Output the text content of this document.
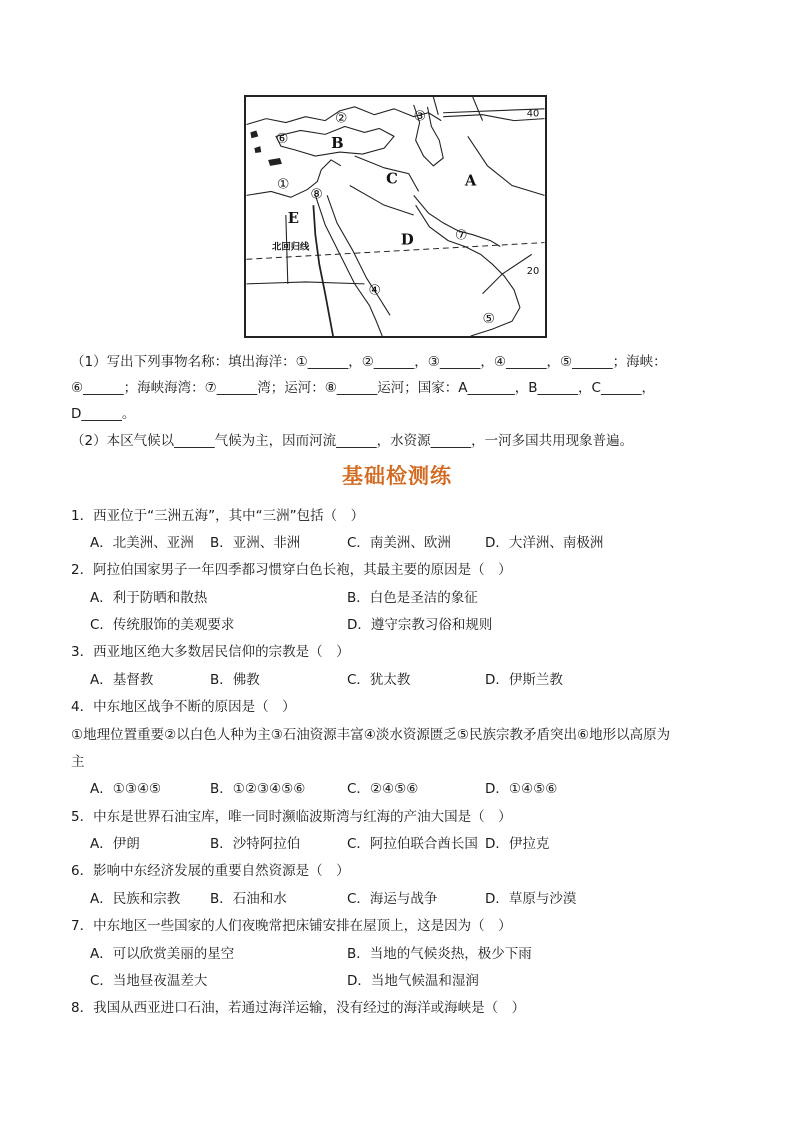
A
B
C
D
E
①
②	③
④
⑤
⑥
⑦
⑧
40
20
北回归线
（1）写出下列事物名称：填出海洋：①______，②______，③______，④______，⑤______；海峡：
⑥______；海峡海湾：⑦______湾；运河：⑧______运河；国家：A_______，B______，C______，
D______。
（2）本区气候以______气候为主，因而河流______，水资源______，一河多国共用现象普遍。
基础检测练
1．西亚位于“三洲五海”，其中“三洲”包括（　）
A．北美洲、亚洲 B．亚洲、非洲	C．南美洲、欧洲	D．大洋洲、南极洲
2．阿拉伯国家男子一年四季都习惯穿白色长袍，其最主要的原因是（　）
A．利于防晒和散热	B．白色是圣洁的象征
C．传统服饰的美观要求	D．遵守宗教习俗和规则
3．西亚地区绝大多数居民信仰的宗教是（　）
A．基督教	B．佛教	C．犹太教	D．伊斯兰教
4．中东地区战争不断的原因是（　）
①地理位置重要②以白色人种为主③石油资源丰富④淡水资源匮乏⑤民族宗教矛盾突出⑥地形以高原为
主
A．①③④⑤	B．①②③④⑤⑥	C．②④⑤⑥	D．①④⑤⑥
5．中东是世界石油宝库，唯一同时濒临波斯湾与红海的产油大国是（　）
A．伊朗	B．沙特阿拉伯	C．阿拉伯联合酋长国 D．伊拉克
6．影响中东经济发展的重要自然资源是（　）
A．民族和宗教 B．石油和水	C．海运与战争	D．草原与沙漠
7．中东地区一些国家的人们夜晚常把床铺安排在屋顶上，这是因为（　）
A．可以欣赏美丽的星空	B．当地的气候炎热，极少下雨
C．当地昼夜温差大	D．当地气候温和湿润
8．我国从西亚进口石油，若通过海洋运输，没有经过的海洋或海峡是（　）
